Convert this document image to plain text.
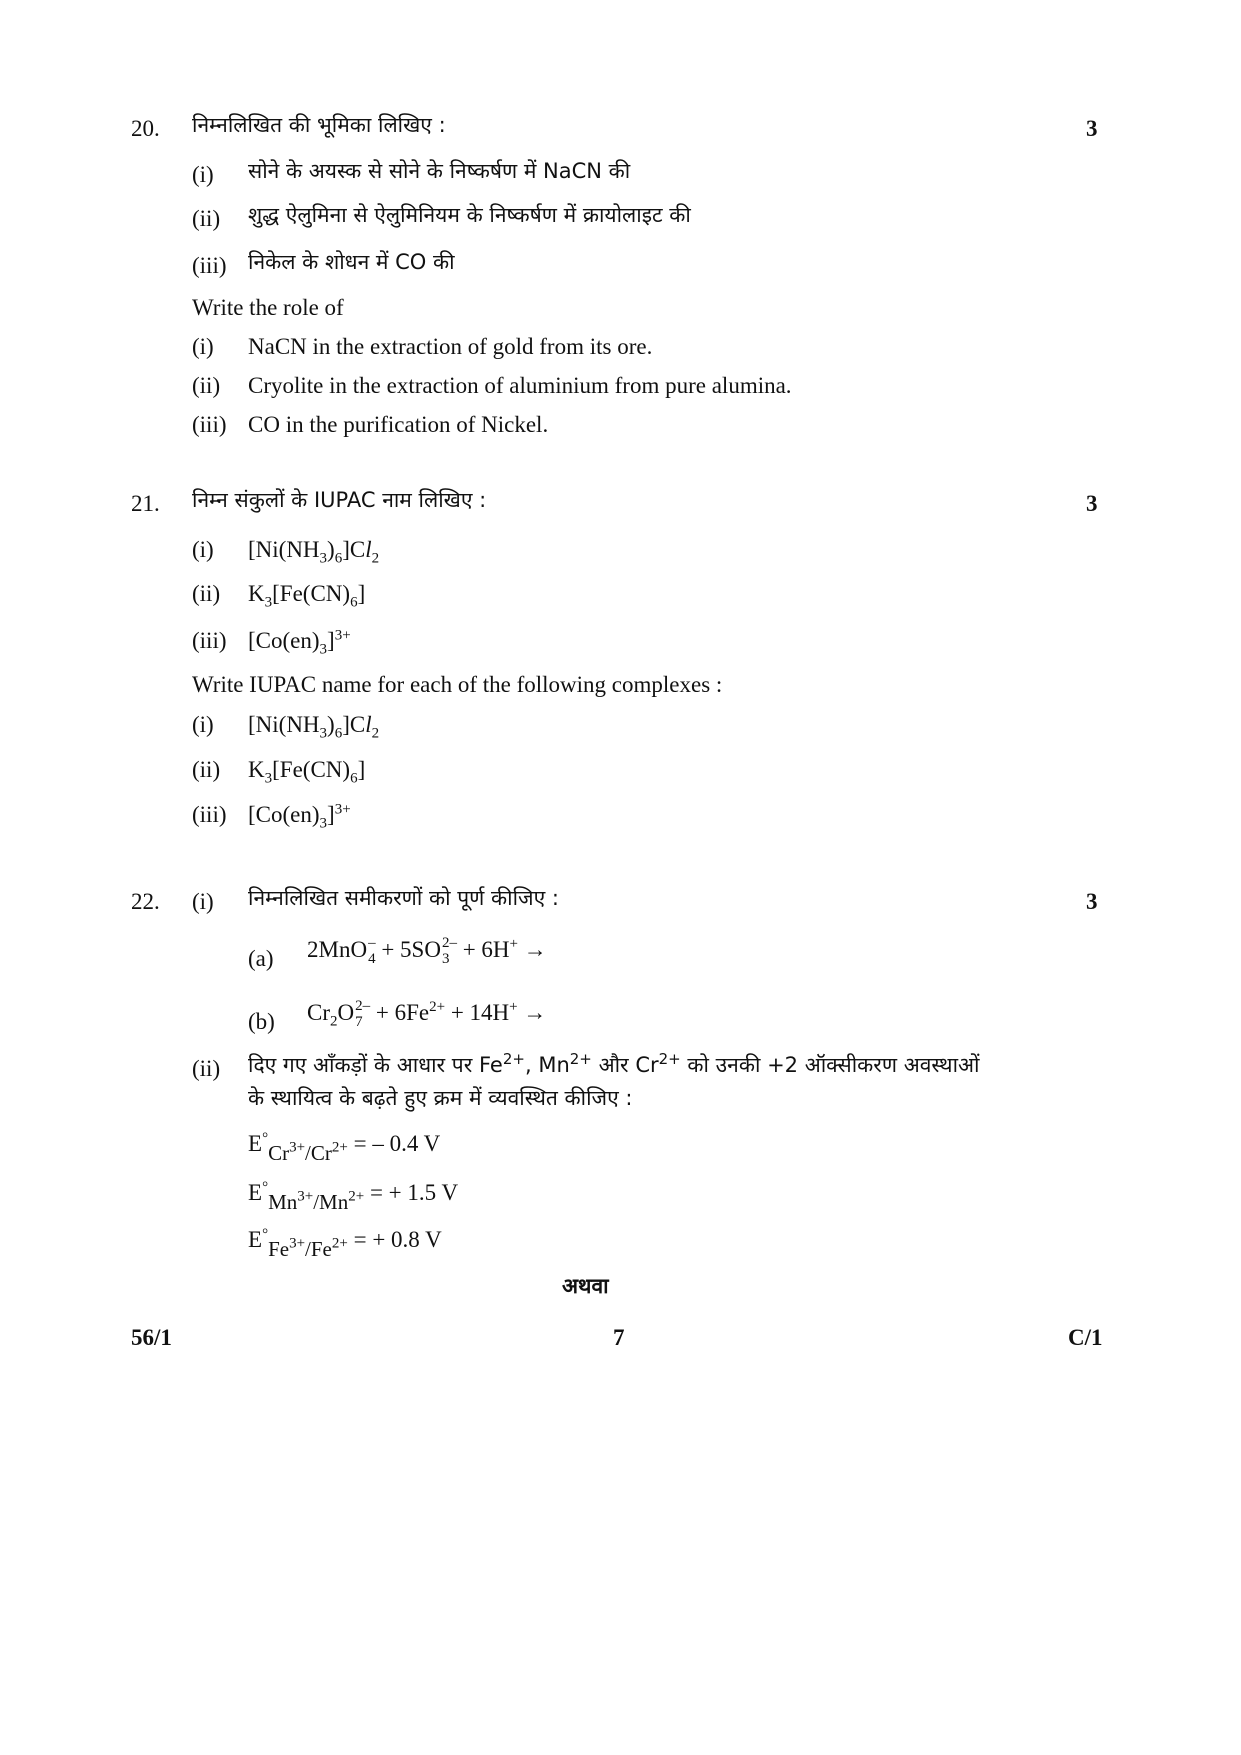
20. निम्नलिखित की भूमिका लिखिए :	3
(i) सोने के अयस्क से सोने के निष्कर्षण में NaCN की
(ii) शुद्ध ऐलुमिना से ऐलुमिनियम के निष्कर्षण में क्रायोलाइट की
(iii) निकेल के शोधन में CO की
Write the role of
(i) NaCN in the extraction of gold from its ore.
(ii) Cryolite in the extraction of aluminium from pure alumina.
(iii) CO in the purification of Nickel.
21. निम्न संकुलों के IUPAC नाम लिखिए :	3
(i) $[Ni(NH_3)_6]Cl_2$
(ii) $K_3[Fe(CN)_6]$
(iii) $[Co(en)_3]^{3+}$
Write IUPAC name for each of the following complexes :
(i) $[Ni(NH_3)_6]Cl_2$
(ii) $K_3[Fe(CN)_6]$
(iii) $[Co(en)_3]^{3+}$
22. (i) निम्नलिखित समीकरणों को पूर्ण कीजिए :	3
(a) 2MnO –
4 + 5SO 2–
3 + 6H+ →
(b) $Cr_2O$ 2–
$7 + 6Fe^{2+} + 14H^+$ →
(ii) दिए गए आँकड़ों के आधार पर $Fe^{2+}$, $Mn^{2+}$ और $Cr^{2+}$ को उनकी +2 ऑक्सीकरण अवस्थाओं
के स्थायित्व के बढ़ते हुए क्रम में व्यवस्थित कीजिए :
$E^\circ Cr^{3+}/Cr^{2+}$ = – 0.4 V
$E^\circ Mn^{3+}/Mn^{2+}$ = + 1.5 V
$E^\circ Fe^{3+}/Fe^{2+}$ = + 0.8 V
अथवा
56/1	7	C/1
